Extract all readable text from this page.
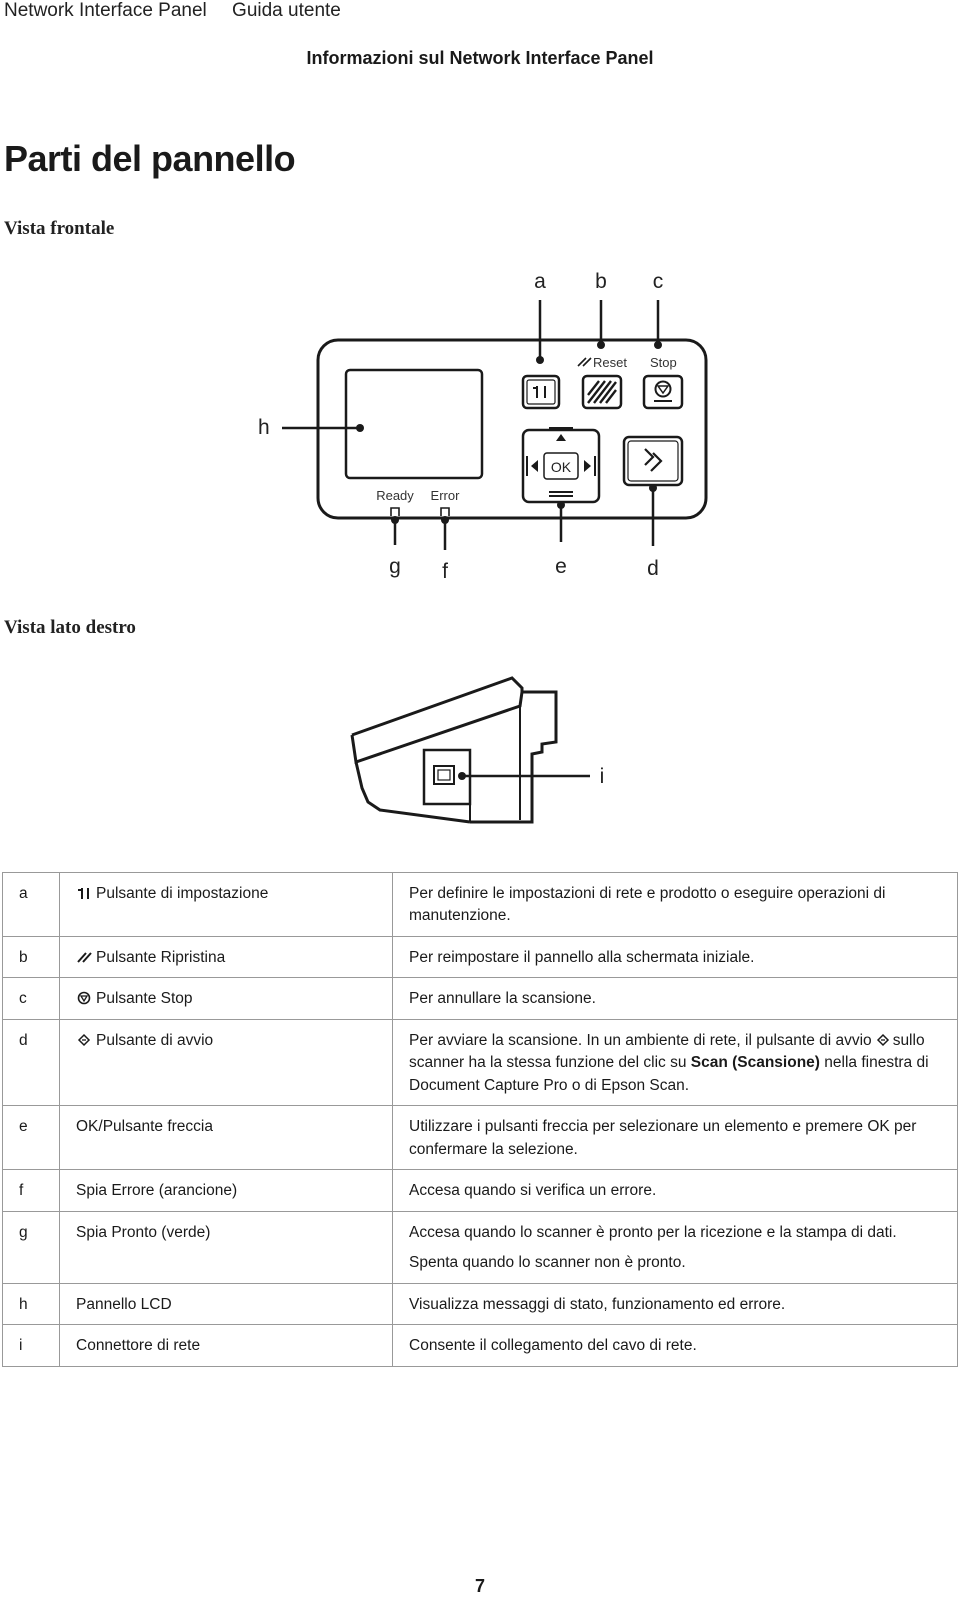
Network Interface Panel Guida utente
Informazioni sul Network Interface Panel
Parti del pannello
Vista frontale
a b c
Reset Stop
h
OK
Ready Error
g f	e	d
Vista lato destro
i
a	Pulsante di impostazione	Per definire le impostazioni di rete e prodotto o eseguire operazioni di manutenzione.

b	Pulsante Ripristina	Per reimpostare il pannello alla schermata iniziale.

c	Pulsante Stop	Per annullare la scansione.

d	Pulsante di avvio	Per avviare la scansione. In un ambiente di rete, il pulsante di avvio sullo scanner ha la stessa funzione del clic su Scan (Scansione) nella finestra di Document Capture Pro o di Epson Scan.

e	OK/Pulsante freccia	Utilizzare i pulsanti freccia per selezionare un elemento e premere OK per confermare la selezione.

f	Spia Errore (arancione)	Accesa quando si verifica un errore.

g	Spia Pronto (verde)	Accesa quando lo scanner è pronto per la ricezione e la stampa di dati.

Spenta quando lo scanner non è pronto.

h	Pannello LCD	Visualizza messaggi di stato, funzionamento ed errore.

i	Connettore di rete	Consente il collegamento del cavo di rete.

7
